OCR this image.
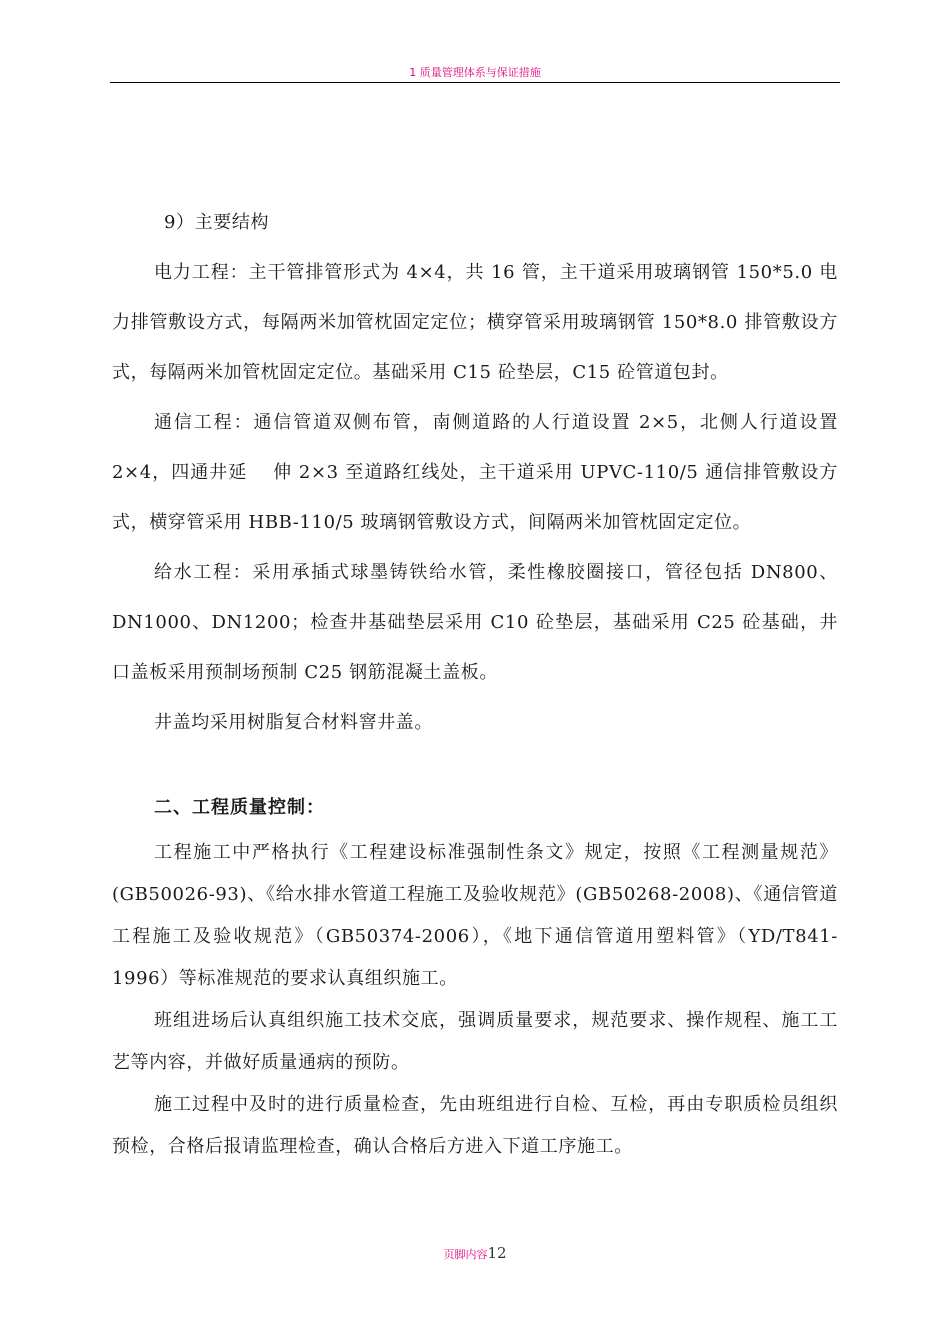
1 质量管理体系与保证措施

9）主要结构

电力工程：主干管排管形式为 4×4，共 16 管，主干道采用玻璃钢管 150*5.0 电力排管敷设方式，每隔两米加管枕固定定位；横穿管采用玻璃钢管 150*8.0 排管敷设方式，每隔两米加管枕固定定位。基础采用 C15 砼垫层，C15 砼管道包封。

通信工程：通信管道双侧布管，南侧道路的人行道设置 2×5，北侧人行道设置 2×4，四通井延　 伸 2×3 至道路红线处，主干道采用 UPVC-110/5 通信排管敷设方式，横穿管采用 HBB-110/5 玻璃钢管敷设方式，间隔两米加管枕固定定位。

给水工程：采用承插式球墨铸铁给水管，柔性橡胶圈接口，管径包括 DN800、DN1000、DN1200；检查井基础垫层采用 C10 砼垫层，基础采用 C25 砼基础，井口盖板采用预制场预制 C25 钢筋混凝土盖板。

井盖均采用树脂复合材料窨井盖。

二、工程质量控制：

工程施工中严格执行《工程建设标准强制性条文》规定，按照《工程测量规范》(GB50026-93)、《给水排水管道工程施工及验收规范》(GB50268-2008)、《通信管道工程施工及验收规范》（GB50374-2006），《地下通信管道用塑料管》（YD/T841-1996）等标准规范的要求认真组织施工。

班组进场后认真组织施工技术交底，强调质量要求，规范要求、操作规程、施工工艺等内容，并做好质量通病的预防。

施工过程中及时的进行质量检查，先由班组进行自检、互检，再由专职质检员组织预检，合格后报请监理检查，确认合格后方进入下道工序施工。

页脚内容12
